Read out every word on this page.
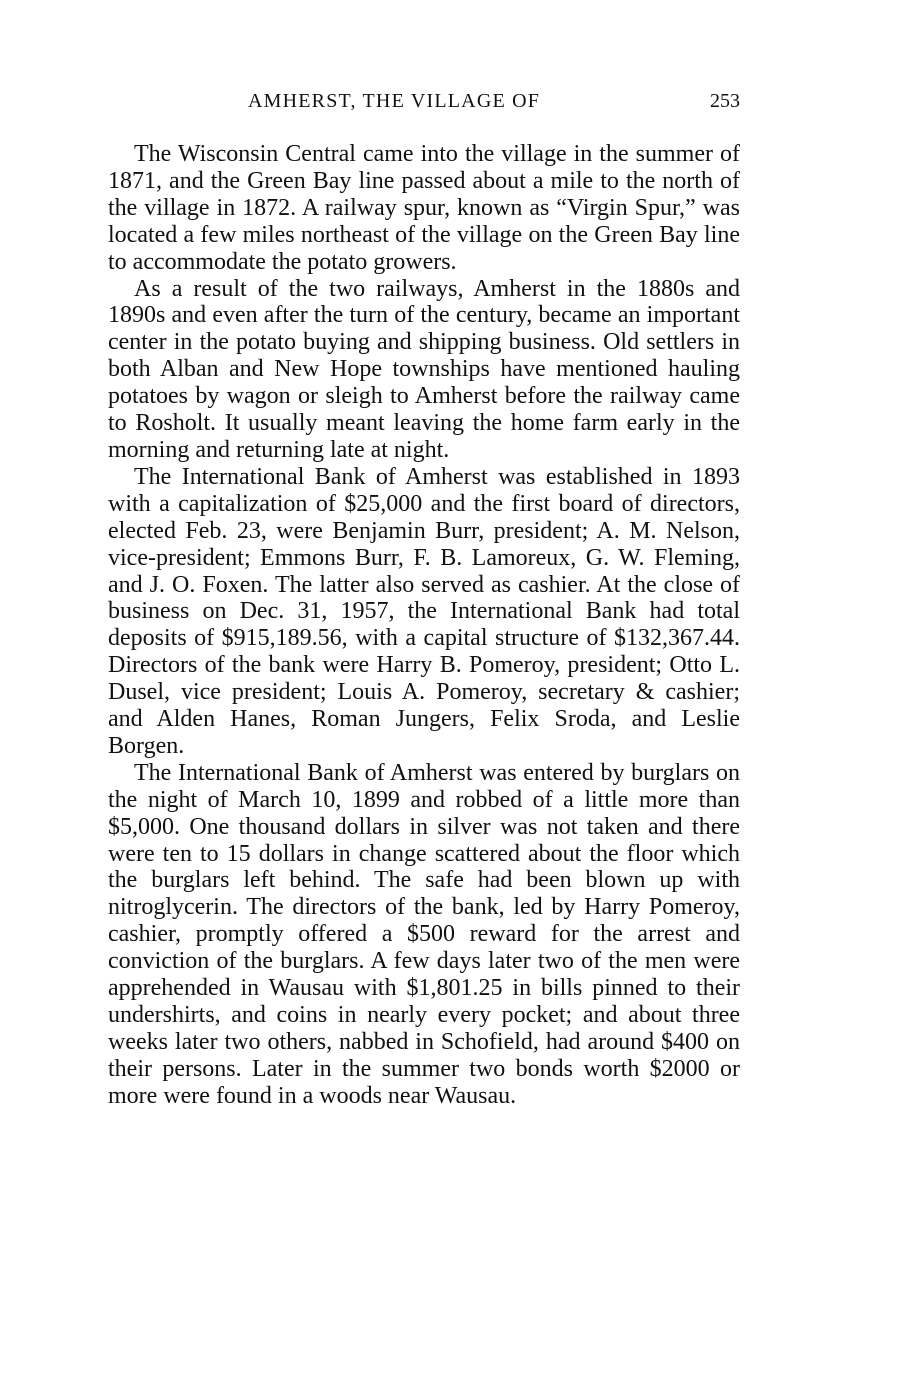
AMHERST, THE VILLAGE OF	253

The Wisconsin Central came into the village in the summer of 1871, and the Green Bay line passed about a mile to the north of the village in 1872. A railway spur, known as “Virgin Spur,” was located a few miles northeast of the village on the Green Bay line to accommodate the potato growers.

As a result of the two railways, Amherst in the 1880s and 1890s and even after the turn of the century, became an important center in the potato buying and shipping business. Old settlers in both Alban and New Hope townships have mentioned hauling potatoes by wagon or sleigh to Amherst before the railway came to Rosholt. It usually meant leaving the home farm early in the morning and returning late at night.

The International Bank of Amherst was established in 1893 with a capitalization of $25,000 and the first board of directors, elected Feb. 23, were Benjamin Burr, president; A. M. Nelson, vice-president; Emmons Burr, F. B. Lamoreux, G. W. Fleming, and J. O. Foxen. The latter also served as cashier. At the close of business on Dec. 31, 1957, the International Bank had total deposits of $915,189.56, with a capital structure of $132,367.44. Directors of the bank were Harry B. Pomeroy, president; Otto L. Dusel, vice president; Louis A. Pomeroy, secretary & cashier; and Alden Hanes, Roman Jungers, Felix Sroda, and Leslie Borgen.

The International Bank of Amherst was entered by burglars on the night of March 10, 1899 and robbed of a little more than $5,000. One thousand dollars in silver was not taken and there were ten to 15 dollars in change scattered about the floor which the burglars left behind. The safe had been blown up with nitroglycerin. The directors of the bank, led by Harry Pomeroy, cashier, promptly offered a $500 reward for the arrest and conviction of the burglars. A few days later two of the men were apprehended in Wausau with $1,801.25 in bills pinned to their undershirts, and coins in nearly every pocket; and about three weeks later two others, nabbed in Schofield, had around $400 on their persons. Later in the summer two bonds worth $2000 or more were found in a woods near Wausau.
